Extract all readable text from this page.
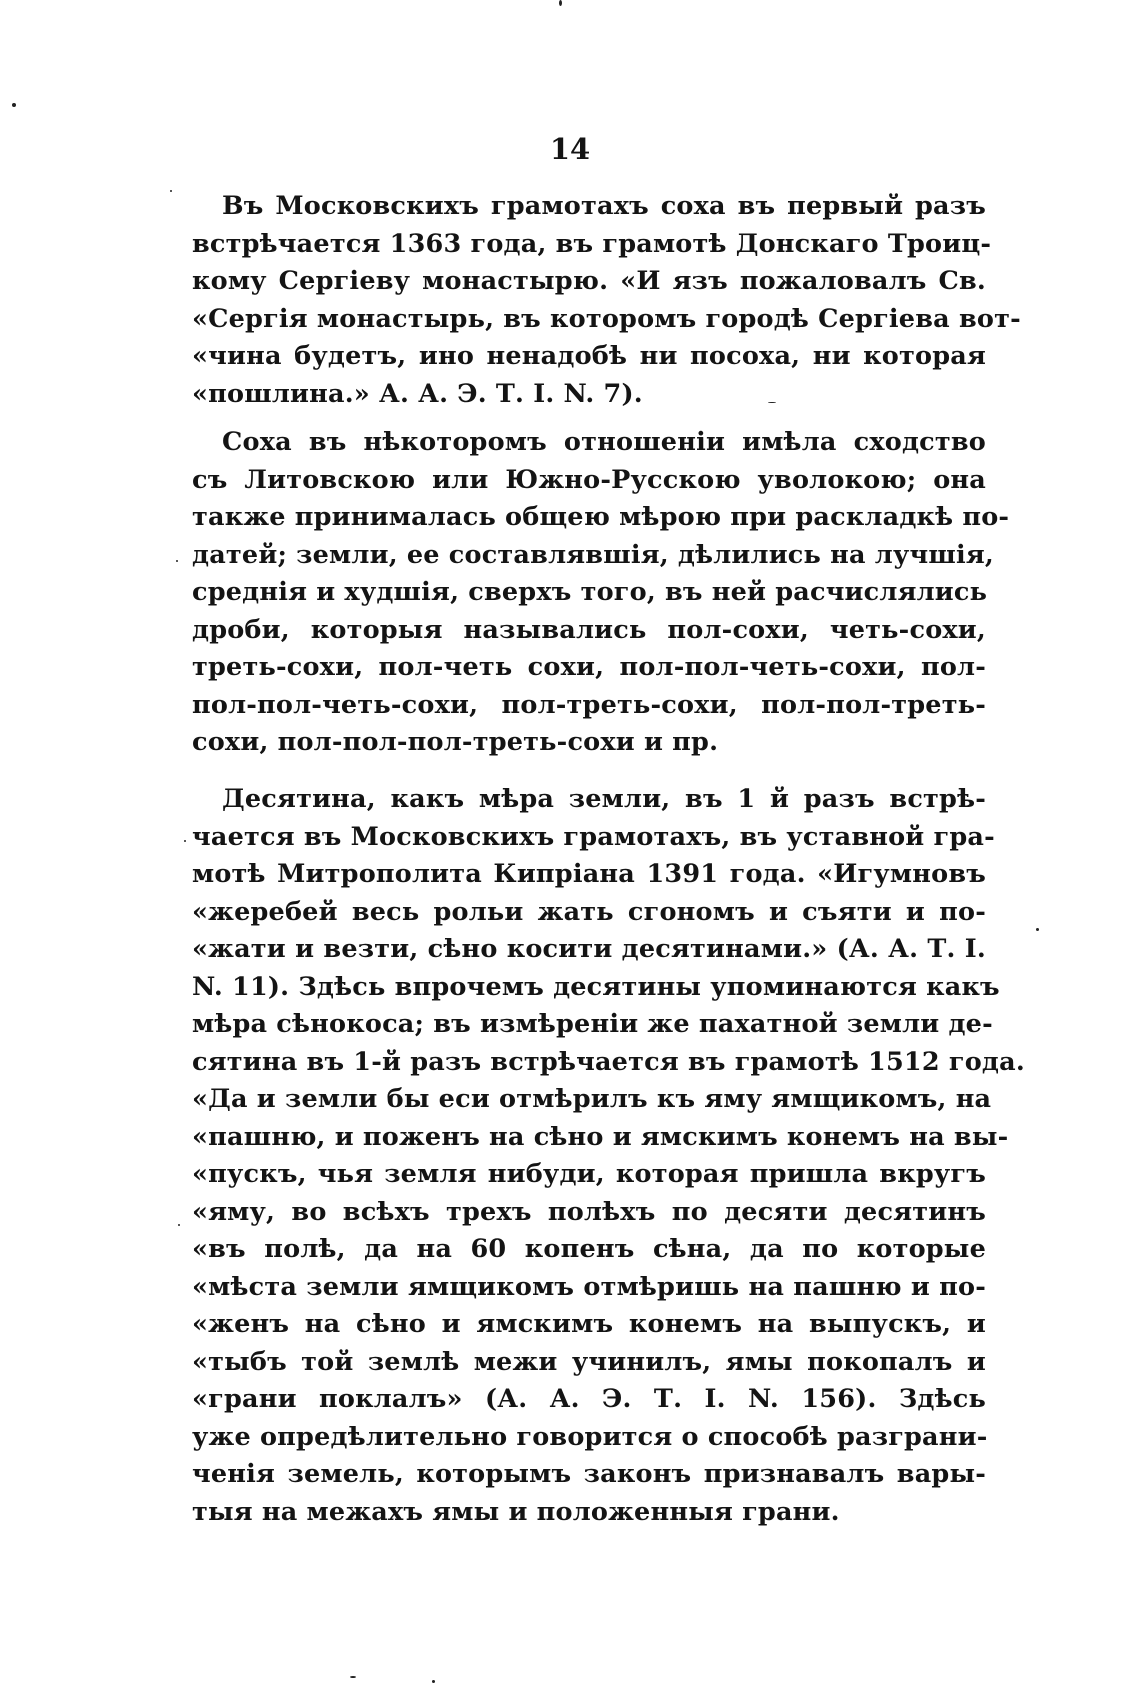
14
Въ Московскихъ грамотахъ соха въ первый разъ
встрѣчается 1363 года, въ грамотѣ Донскаго Троиц-
кому Сергіеву монастырю. «И язъ пожаловалъ Св.
«Сергія монастырь, въ которомъ городѣ Сергіева вот-
«чина будетъ, ино ненадобѣ ни посоха, ни которая
«пошлина.» А. А. Э. Т. I. N. 7).
Соха въ нѣкоторомъ отношеніи имѣла сходство
съ Литовскою или Южно-Русскою уволокою; она
также принималась общею мѣрою при раскладкѣ по-
датей; земли, ее составлявшія, дѣлились на лучшія,
среднія и худшія, сверхъ того, въ ней расчислялись
дроби, которыя назывались пол-сохи, четь-сохи,
треть-сохи, пол-четь сохи, пол-пол-четь-сохи, пол-
пол-пол-четь-сохи, пол-треть-сохи, пол-пол-треть-
сохи, пол-пол-пол-треть-сохи и пр.
Десятина, какъ мѣра земли, въ 1 й разъ встрѣ-
чается въ Московскихъ грамотахъ, въ уставной гра-
мотѣ Митрополита Кипріана 1391 года. «Игумновъ
«жеребей весь рольи жать сгономъ и съяти и по-
«жати и везти, сѣно косити десятинами.» (А. А. Т. I.
N. 11). Здѣсь впрочемъ десятины упоминаются какъ
мѣра сѣнокоса; въ измѣреніи же пахатной земли де-
сятина въ 1-й разъ встрѣчается въ грамотѣ 1512 года.
«Да и земли бы еси отмѣрилъ къ яму ямщикомъ, на
«пашню, и поженъ на сѣно и ямскимъ конемъ на вы-
«пускъ, чья земля нибуди, которая пришла вкругъ
«яму, во всѣхъ трехъ полѣхъ по десяти десятинъ
«въ полѣ, да на 60 копенъ сѣна, да по которые
«мѣста земли ямщикомъ отмѣришь на пашню и по-
«женъ на сѣно и ямскимъ конемъ на выпускъ, и
«тыбъ той землѣ межи учинилъ, ямы покопалъ и
«грани поклалъ» (А. А. Э. Т. I. N. 156). Здѣсь
уже опредѣлительно говорится о способѣ разграни-
ченія земель, которымъ законъ признавалъ вары-
тыя на межахъ ямы и положенныя грани.
